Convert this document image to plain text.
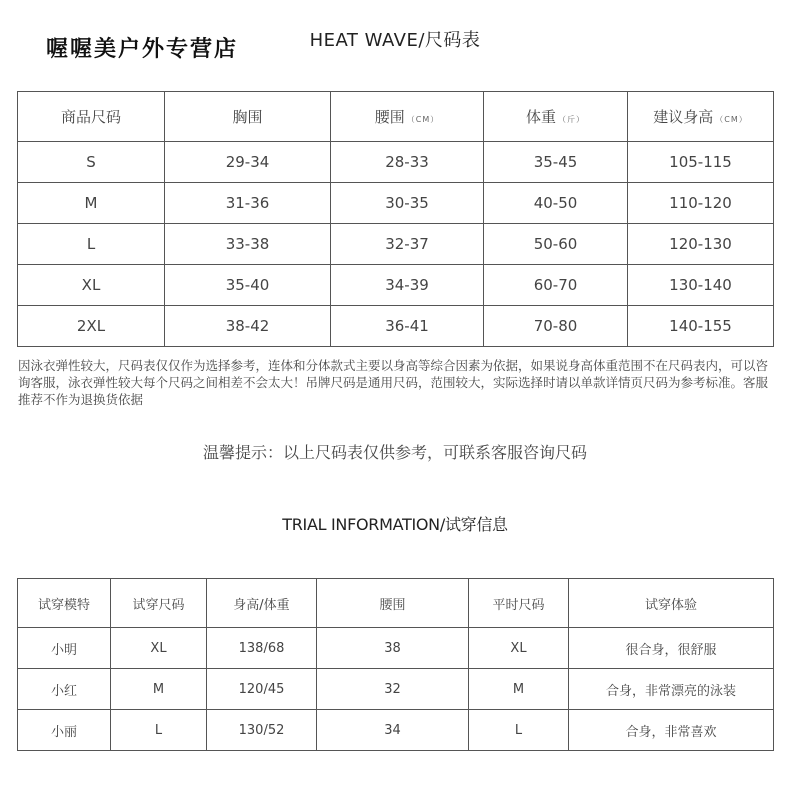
喔喔美户外专营店	HEAT WAVE/尺码表
商品尺码	胸围	腰围 （CM）	体重 （斤）	建议身高 （CM）
S	29-34	28-33	35-45	105-115
M	31-36	30-35	40-50	110-120
L	33-38	32-37	50-60	120-130
XL	35-40	34-39	60-70	130-140
2XL	38-42	36-41	70-80	140-155
因泳衣弹性较大，尺码表仅仅作为选择参考，连体和分体款式主要以身高等综合因素为依据，如果说身高体重范围不在尺码表内，可以咨询客服，泳衣弹性较大每个尺码之间相差不会太大！吊牌尺码是通用尺码，范围较大，实际选择时请以单款详情页尺码为参考标准。客服推荐不作为退换货依据
温馨提示：以上尺码表仅供参考，可联系客服咨询尺码
TRIAL INFORMATION/试穿信息
试穿模特	试穿尺码	身高/体重	腰围	平时尺码	试穿体验
小明	XL	138/68	38	XL	很合身，很舒服
小红	M	120/45	32	M	合身，非常漂亮的泳装
小丽	L	130/52	34	L	合身，非常喜欢
